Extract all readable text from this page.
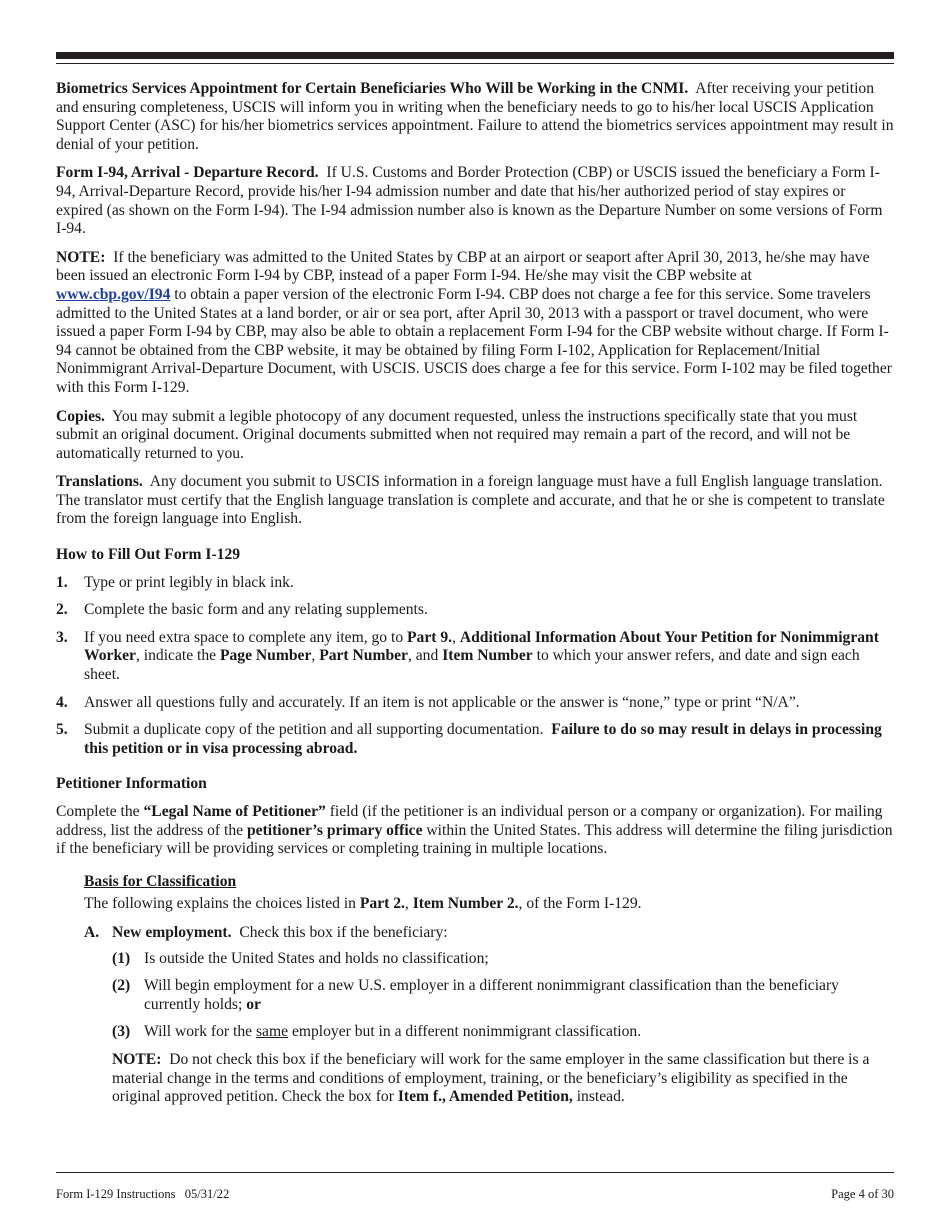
Biometrics Services Appointment for Certain Beneficiaries Who Will be Working in the CNMI. After receiving your petition and ensuring completeness, USCIS will inform you in writing when the beneficiary needs to go to his/her local USCIS Application Support Center (ASC) for his/her biometrics services appointment. Failure to attend the biometrics services appointment may result in denial of your petition.

Form I-94, Arrival - Departure Record. If U.S. Customs and Border Protection (CBP) or USCIS issued the beneficiary a Form I-94, Arrival-Departure Record, provide his/her I-94 admission number and date that his/her authorized period of stay expires or expired (as shown on the Form I-94). The I-94 admission number also is known as the Departure Number on some versions of Form I-94.

NOTE: If the beneficiary was admitted to the United States by CBP at an airport or seaport after April 30, 2013, he/she may have been issued an electronic Form I-94 by CBP, instead of a paper Form I-94. He/she may visit the CBP website at
www.cbp.gov/I94 to obtain a paper version of the electronic Form I-94. CBP does not charge a fee for this service. Some travelers admitted to the United States at a land border, or air or sea port, after April 30, 2013 with a passport or travel document, who were issued a paper Form I-94 by CBP, may also be able to obtain a replacement Form I-94 for the CBP website without charge. If Form I-94 cannot be obtained from the CBP website, it may be obtained by filing Form I-102, Application for Replacement/Initial Nonimmigrant Arrival-Departure Document, with USCIS. USCIS does charge a fee for this service. Form I-102 may be filed together with this Form I-129.

Copies. You may submit a legible photocopy of any document requested, unless the instructions specifically state that you must submit an original document. Original documents submitted when not required may remain a part of the record, and will not be automatically returned to you.

Translations. Any document you submit to USCIS information in a foreign language must have a full English language translation. The translator must certify that the English language translation is complete and accurate, and that he or she is competent to translate from the foreign language into English.

How to Fill Out Form I-129
1.	Type or print legibly in black ink.
2.	Complete the basic form and any relating supplements.
3.	If you need extra space to complete any item, go to Part 9., Additional Information About Your Petition for Nonimmigrant Worker, indicate the Page Number, Part Number, and Item Number to which your answer refers, and date and sign each sheet.
4.	Answer all questions fully and accurately. If an item is not applicable or the answer is “none,” type or print “N/A”.
5.	Submit a duplicate copy of the petition and all supporting documentation. Failure to do so may result in delays in processing this petition or in visa processing abroad.
Petitioner Information

Complete the “Legal Name of Petitioner” field (if the petitioner is an individual person or a company or organization). For mailing address, list the address of the petitioner’s primary office within the United States. This address will determine the filing jurisdiction if the beneficiary will be providing services or completing training in multiple locations.

Basis for Classification

The following explains the choices listed in Part 2., Item Number 2., of the Form I-129.

A. New employment. Check this box if the beneficiary:
(1) Is outside the United States and holds no classification;
(2) Will begin employment for a new U.S. employer in a different nonimmigrant classification than the beneficiary currently holds; or
(3) Will work for the same employer but in a different nonimmigrant classification.

NOTE: Do not check this box if the beneficiary will work for the same employer in the same classification but there is a material change in the terms and conditions of employment, training, or the beneficiary’s eligibility as specified in the original approved petition. Check the box for Item f., Amended Petition, instead.

Form I-129 Instructions   05/31/22	Page 4 of 30
